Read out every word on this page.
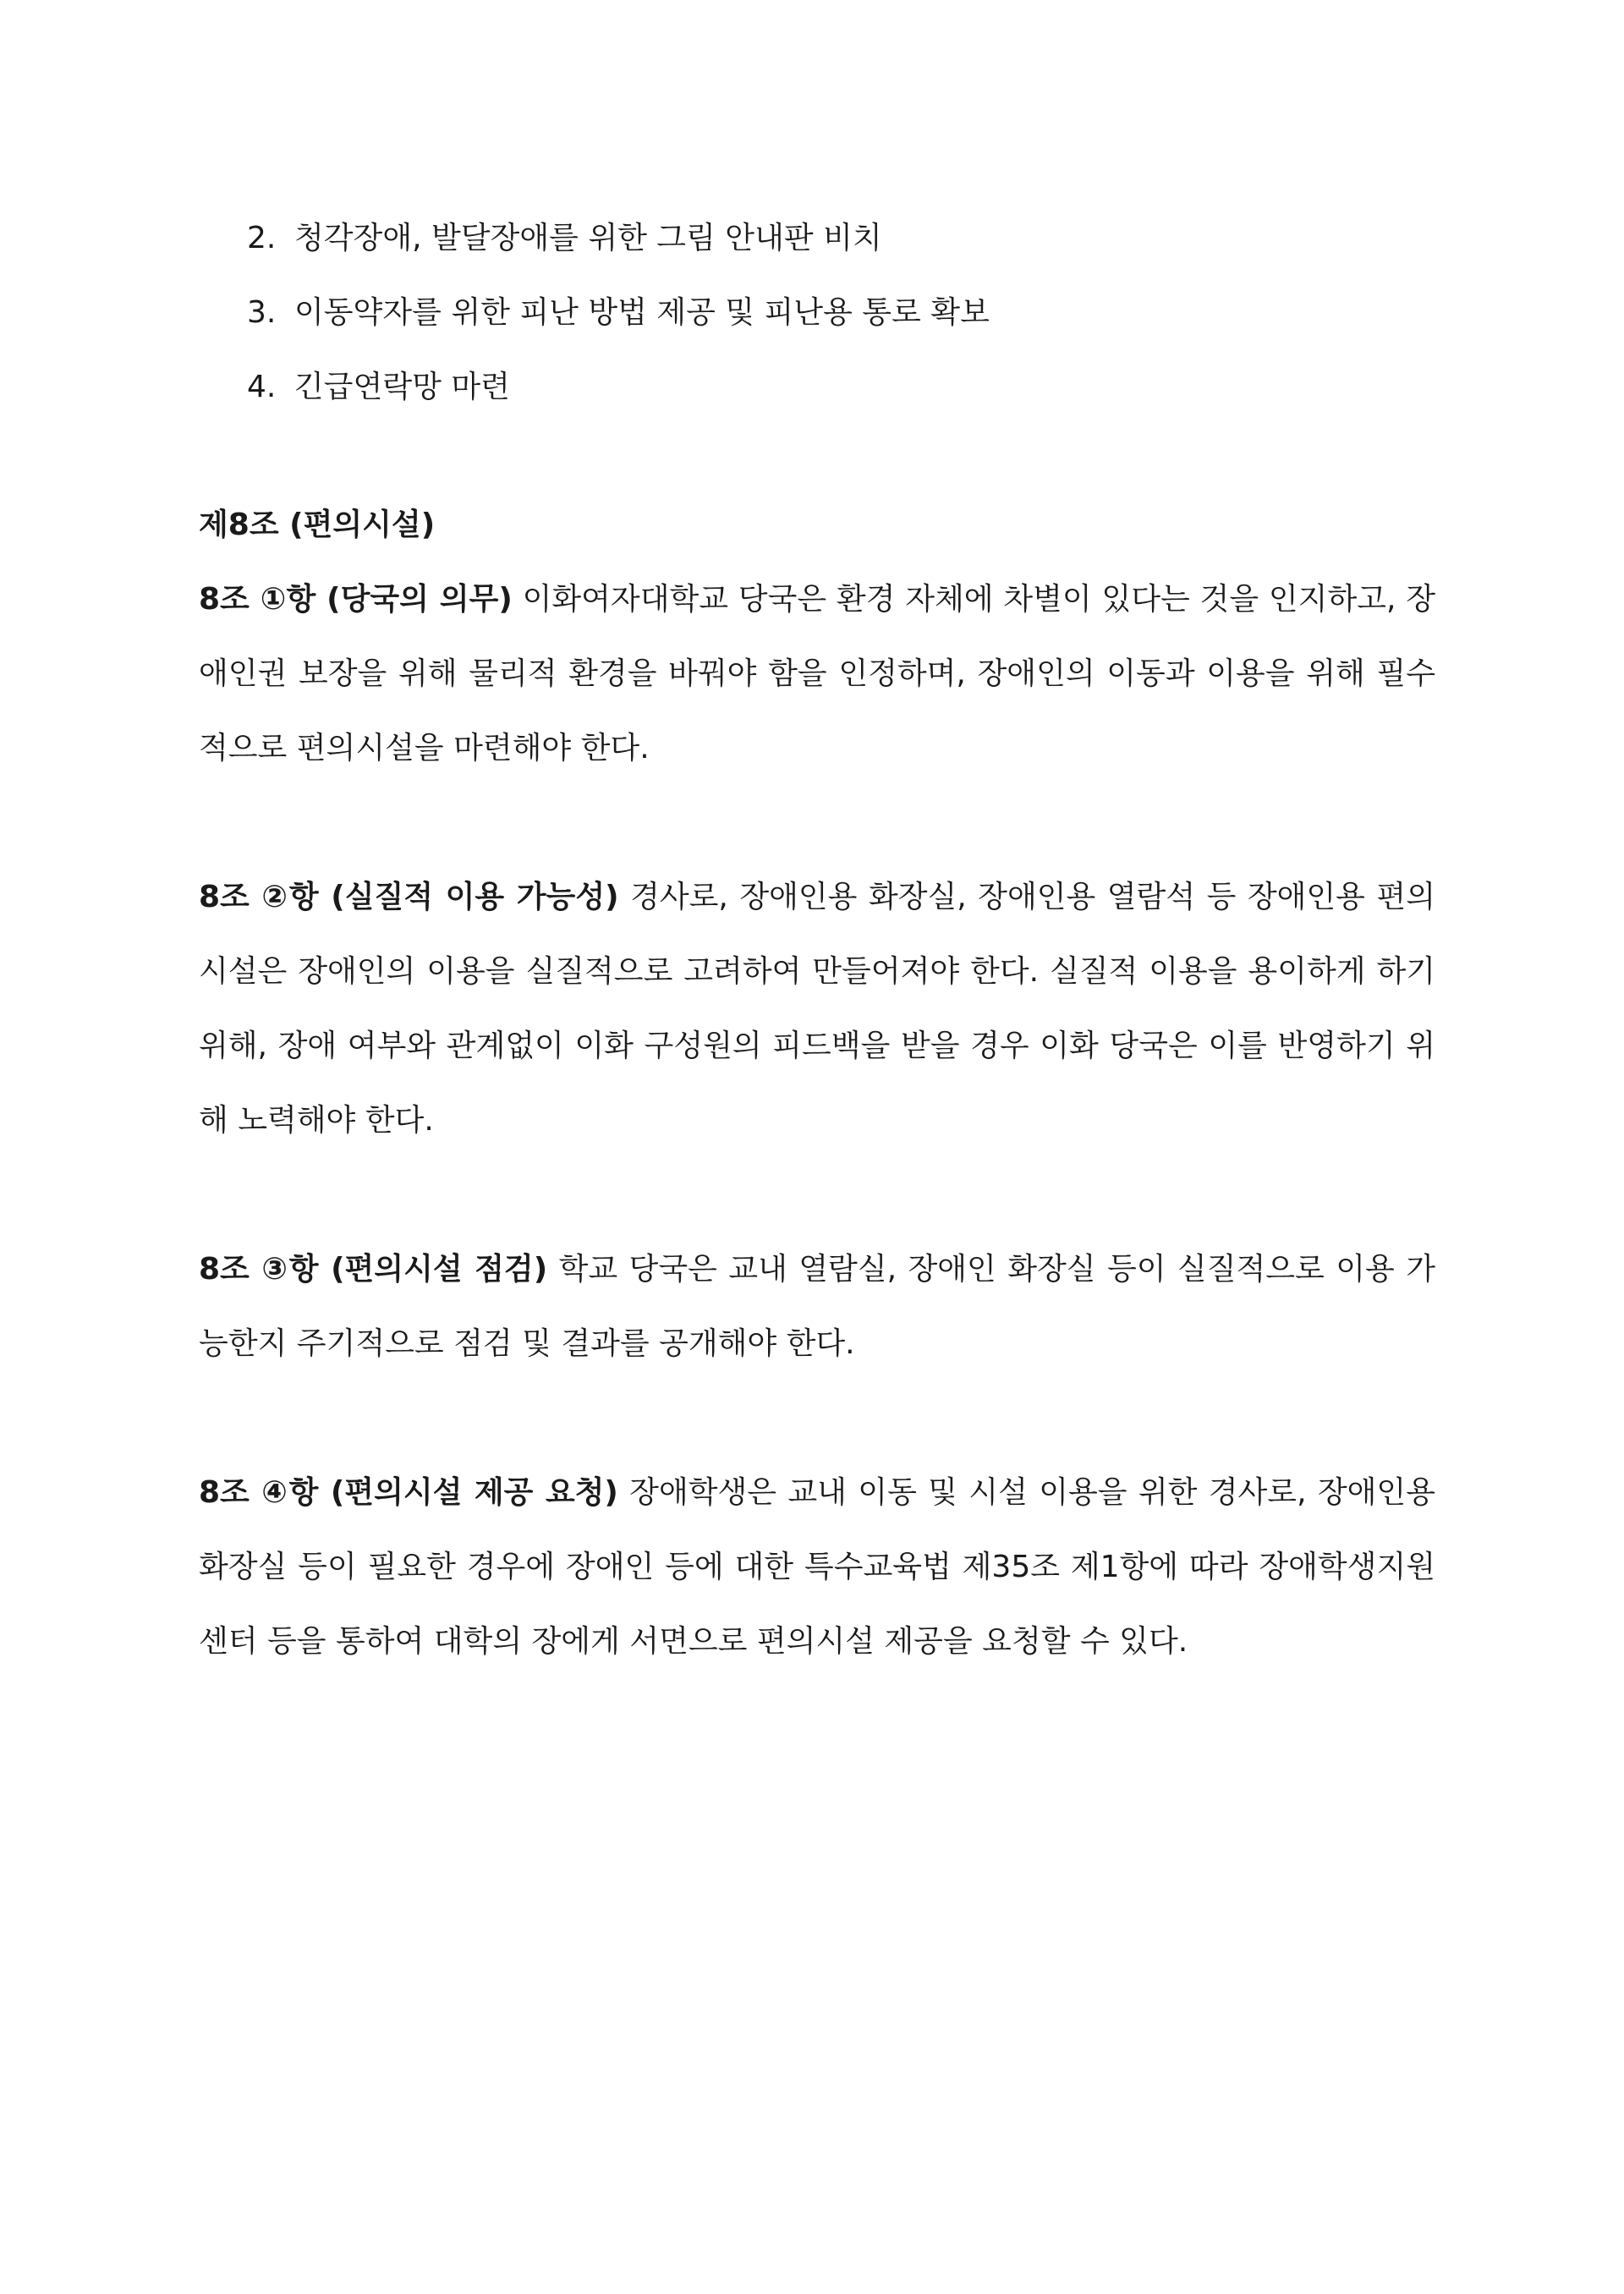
2. 청각장애, 발달장애를 위한 그림 안내판 비치
3. 이동약자를 위한 피난 방법 제공 및 피난용 통로 확보
4. 긴급연락망 마련
제8조 (편의시설)

8조 ①항 (당국의 의무) 이화여자대학교 당국은 환경 자체에 차별이 있다는 것을 인지하고, 장애인권 보장을 위해 물리적 환경을 바꿔야 함을 인정하며, 장애인의 이동과 이용을 위해 필수적으로 편의시설을 마련해야 한다.

8조 ②항 (실질적 이용 가능성) 경사로, 장애인용 화장실, 장애인용 열람석 등 장애인용 편의시설은 장애인의 이용을 실질적으로 고려하여 만들어져야 한다. 실질적 이용을 용이하게 하기 위해, 장애 여부와 관계없이 이화 구성원의 피드백을 받을 경우 이화 당국은 이를 반영하기 위해 노력해야 한다.

8조 ③항 (편의시설 점검) 학교 당국은 교내 열람실, 장애인 화장실 등이 실질적으로 이용 가능한지 주기적으로 점검 및 결과를 공개해야 한다.

8조 ④항 (편의시설 제공 요청) 장애학생은 교내 이동 및 시설 이용을 위한 경사로, 장애인용 화장실 등이 필요한 경우에 장애인 등에 대한 특수교육법 제35조 제1항에 따라 장애학생지원센터 등을 통하여 대학의 장에게 서면으로 편의시설 제공을 요청할 수 있다.
